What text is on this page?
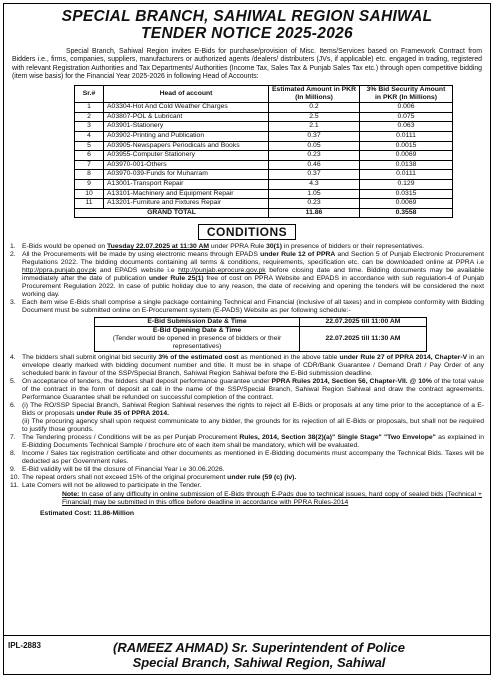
SPECIAL BRANCH, SAHIWAL REGION SAHIWAL
TENDER NOTICE 2025-2026
Special Branch, Sahiwal Region invites E-Bids for purchase/provision of Misc. Items/Services based on Framework Contract from Bidders i.e., firms, companies, suppliers, manufacturers or authorized agents /dealers/ distributers (JVs, if applicable) etc. engaged in trading, registered with relevant Registration Authorities and Tax Departments/ Authorities (Income Tax, Sales Tax & Punjab Sales Tax etc.) through open competitive bidding (item wise basis) for the Financial Year 2025-2026 in following Head of Accounts:
Sr.#	Head of account	Estimated Amount in PKR (In Millions)	3% Bid Security Amount in PKR (In Millions)
1	A03304-Hot And Cold Weather Charges	0.2	0.006
2	A03807-POL & Lubricant	2.5	0.075
3	A03901-Stationery	2.1	0.063
4	A03902-Printing and Publication	0.37	0.0111
5	A03905-Newspapers Periodicals and Books	0.05	0.0015
6	A03955-Computer Stationery	0.23	0.0069
7	A03970-001-Others	0.46	0.0138
8	A03970-039-Funds for Muharram	0.37	0.0111
9	A13001-Transport Repair	4.3	0.129
10	A13101-Machinery and Equipment Repair	1.05	0.0315
11	A13201-Furniture and Fixtures Repair	0.23	0.0069
GRAND TOTAL		11.86	0.3558
CONDITIONS
1. E-Bids would be opened on Tuesday 22.07.2025 at 11:30 AM under PPRA Rule 30(1) in presence of bidders or their representatives.
2. All the Procurements will be made by using electronic means through EPADS under Rule 12 of PPRA and Section 5 of Punjab Electronic Procurement Regulations 2022. The bidding documents containing all terms & conditions, requirements, specification etc. can be downloaded online at PPRA i.e http://ppra.punjab.gov.pk and EPADS website i.e http://punjab.eprocure.gov.pk before closing date and time. Bidding documents may be available immediately after the date of publication under Rule 25(1) free of cost on PPRA Website and EPADS in accordance with sub regulation-4 of Punjab Procurement Regulation 2022. In case of public holiday due to any reason, the date of receiving and opening the tenders will be considered the next working day.
3. Each item wise E-Bids shall comprise a single package containing Technical and Financial (inclusive of all taxes) and in complete conformity with Bidding Document must be submitted online on E-Procurement system (E-PADS) Website as per following schedule:-
E-Bid Submission Date & Time	22.07.2025 till 11:00 AM

E-Bid Opening Date & Time
(Tender would be opened in presence of bidders or their representatives)	22.07.2025 till 11:30 AM
4. The bidders shall submit original bid security 3% of the estimated cost as mentioned in the above table under Rule 27 of PPRA 2014, Chapter-V in an envelope clearly marked with bidding document number and title. It must be in shape of CDR/Bank Guarantee / Demand Draft / Pay Order of any scheduled bank in favour of the SSP/Special Branch, Sahiwal Region Sahiwal before the E-Bid submission deadline.
5. On acceptance of tenders, the bidders shall deposit performance guarantee under PPRA Rules 2014, Section 56, Chapter-VII. @ 10% of the total value of the contract in the form of deposit at call in the name of the SSP/Special Branch, Sahiwal Region Sahiwal and draw the contract agreements. Performance Guarantee shall be refunded on successful completion of the contract.
6. (i) The RO/SSP Special Branch, Sahiwal Region Sahiwal reserves the rights to reject all E-Bids or proposals at any time prior to the acceptance of a E-Bids or proposals under Rule 35 of PPRA 2014.
(ii) The procuring agency shall upon request communicate to any bidder, the grounds for its rejection of all E-Bids or proposals, but shall not be required to justify those grounds.
7. The Tendering process / Conditions will be as per Punjab Procurement Rules, 2014, Section 38(2)(a)" Single Stage" "Two Envelope" as explained in E-Bidding Documents Technical Sample / brochure etc of each item shall be mandatory, which will be evaluated.
8. Income / Sales tax registration certificate and other documents as mentioned in E-Bidding documents must accompany the Technical Bids. Taxes will be deducted as per Government rules.
9. E-Bid validity will be till the closure of Financial Year i.e 30.06.2026.
10. The repeat orders shall not exceed 15% of the original procurement under rule (59 (c) (iv).
11. Late Comers will not be allowed to participate in the Tender.
Note: In case of any difficulty in online submission of E-Bids through E-Pads due to technical issues, hard copy of sealed bids (Technical + Financial) may be submitted in this office before deadline in accordance with PPRA Rules-2014
Estimated Cost: 11.86-Million
IPL-2883	(RAMEEZ AHMAD) Sr. Superintendent of Police
Special Branch, Sahiwal Region, Sahiwal
